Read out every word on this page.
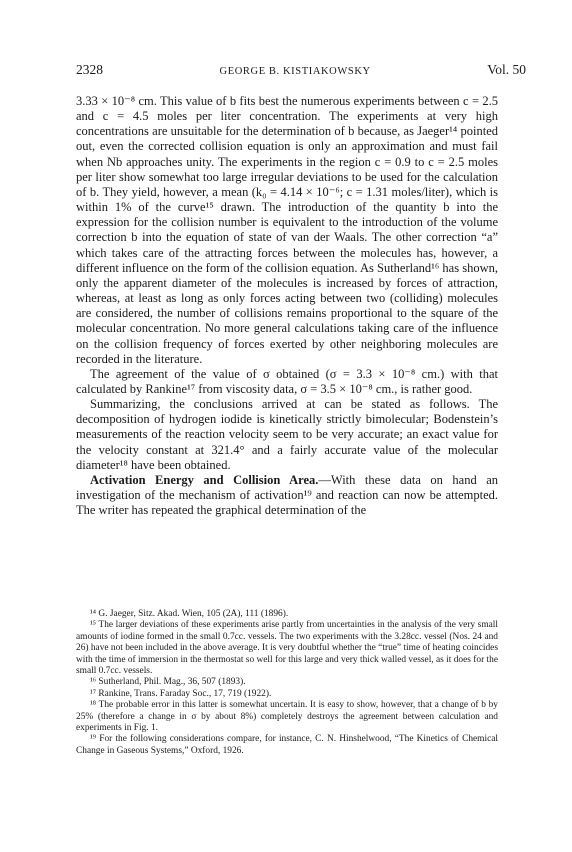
2328	GEORGE B. KISTIAKOWSKY	Vol. 50

3.33 × 10⁻⁸ cm. This value of b fits best the numerous experiments between c = 2.5 and c = 4.5 moles per liter concentration. The experiments at very high concentrations are unsuitable for the determination of b because, as Jaeger¹⁴ pointed out, even the corrected collision equation is only an approximation and must fail when Nb approaches unity. The experiments in the region c = 0.9 to c = 2.5 moles per liter show somewhat too large irregular deviations to be used for the calculation of b. They yield, however, a mean (k₀ = 4.14 × 10⁻⁶; c = 1.31 moles/liter), which is within 1% of the curve¹⁵ drawn. The introduction of the quantity b into the expression for the collision number is equivalent to the introduction of the volume correction b into the equation of state of van der Waals. The other correction “a” which takes care of the attracting forces between the molecules has, however, a different influence on the form of the collision equation. As Sutherland¹⁶ has shown, only the apparent diameter of the molecules is increased by forces of attraction, whereas, at least as long as only forces acting between two (colliding) molecules are considered, the number of collisions remains proportional to the square of the molecular concentration. No more general calculations taking care of the influence on the collision frequency of forces exerted by other neighboring molecules are recorded in the literature.

The agreement of the value of σ obtained (σ = 3.3 × 10⁻⁸ cm.) with that calculated by Rankine¹⁷ from viscosity data, σ = 3.5 × 10⁻⁸ cm., is rather good.

Summarizing, the conclusions arrived at can be stated as follows. The decomposition of hydrogen iodide is kinetically strictly bimolecular; Bodenstein’s measurements of the reaction velocity seem to be very accurate; an exact value for the velocity constant at 321.4° and a fairly accurate value of the molecular diameter¹⁸ have been obtained.

Activation Energy and Collision Area.—With these data on hand an investigation of the mechanism of activation¹⁹ and reaction can now be attempted. The writer has repeated the graphical determination of the

¹⁴ G. Jaeger, Sitz. Akad. Wien, 105 (2A), 111 (1896).

¹⁵ The larger deviations of these experiments arise partly from uncertainties in the analysis of the very small amounts of iodine formed in the small 0.7cc. vessels. The two experiments with the 3.28cc. vessel (Nos. 24 and 26) have not been included in the above average. It is very doubtful whether the “true” time of heating coincides with the time of immersion in the thermostat so well for this large and very thick walled vessel, as it does for the small 0.7cc. vessels.

¹⁶ Sutherland, Phil. Mag., 36, 507 (1893).

¹⁷ Rankine, Trans. Faraday Soc., 17, 719 (1922).

¹⁸ The probable error in this latter is somewhat uncertain. It is easy to show, however, that a change of b by 25% (therefore a change in σ by about 8%) completely destroys the agreement between calculation and experiments in Fig. 1.

¹⁹ For the following considerations compare, for instance, C. N. Hinshelwood, “The Kinetics of Chemical Change in Gaseous Systems,” Oxford, 1926.
